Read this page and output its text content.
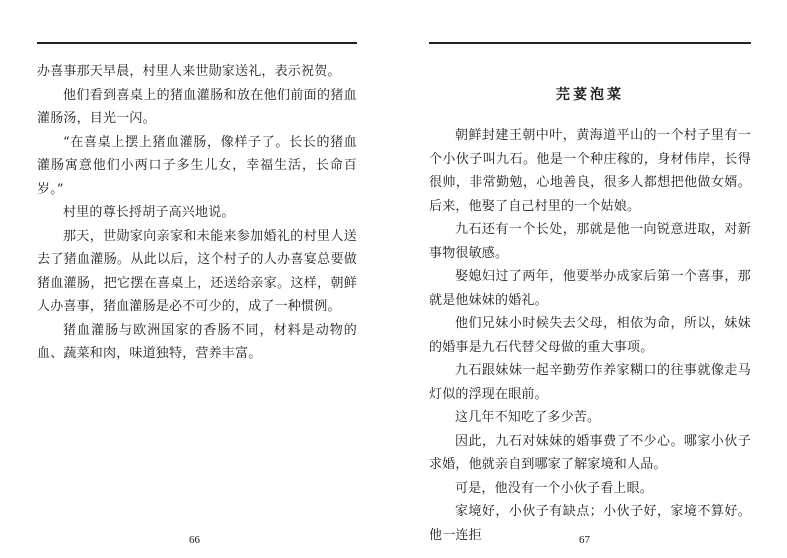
办喜事那天早晨，村里人来世勋家送礼，表示祝贺。

他们看到喜桌上的猪血灌肠和放在他们前面的猪血灌肠汤，目光一闪。

“在喜桌上摆上猪血灌肠，像样子了。长长的猪血灌肠寓意他们小两口子多生儿女，幸福生活，长命百岁。”

村里的尊长捋胡子高兴地说。

那天，世勋家向亲家和未能来参加婚礼的村里人送去了猪血灌肠。从此以后，这个村子的人办喜宴总要做猪血灌肠，把它摆在喜桌上，还送给亲家。这样，朝鲜人办喜事，猪血灌肠是必不可少的，成了一种惯例。

猪血灌肠与欧洲国家的香肠不同，材料是动物的血、蔬菜和肉，味道独特，营养丰富。

66
芫荽泡菜

朝鲜封建王朝中叶，黄海道平山的一个村子里有一个小伙子叫九石。他是一个种庄稼的，身材伟岸，长得很帅，非常勤勉，心地善良，很多人都想把他做女婿。后来，他娶了自己村里的一个姑娘。

九石还有一个长处，那就是他一向锐意进取，对新事物很敏感。

娶媳妇过了两年，他要举办成家后第一个喜事，那就是他妹妹的婚礼。

他们兄妹小时候失去父母，相依为命，所以，妹妹的婚事是九石代替父母做的重大事项。

九石跟妹妹一起辛勤劳作养家糊口的往事就像走马灯似的浮现在眼前。

这几年不知吃了多少苦。

因此，九石对妹妹的婚事费了不少心。哪家小伙子求婚，他就亲自到哪家了解家境和人品。

可是，他没有一个小伙子看上眼。

家境好，小伙子有缺点；小伙子好，家境不算好。他一连拒	67
